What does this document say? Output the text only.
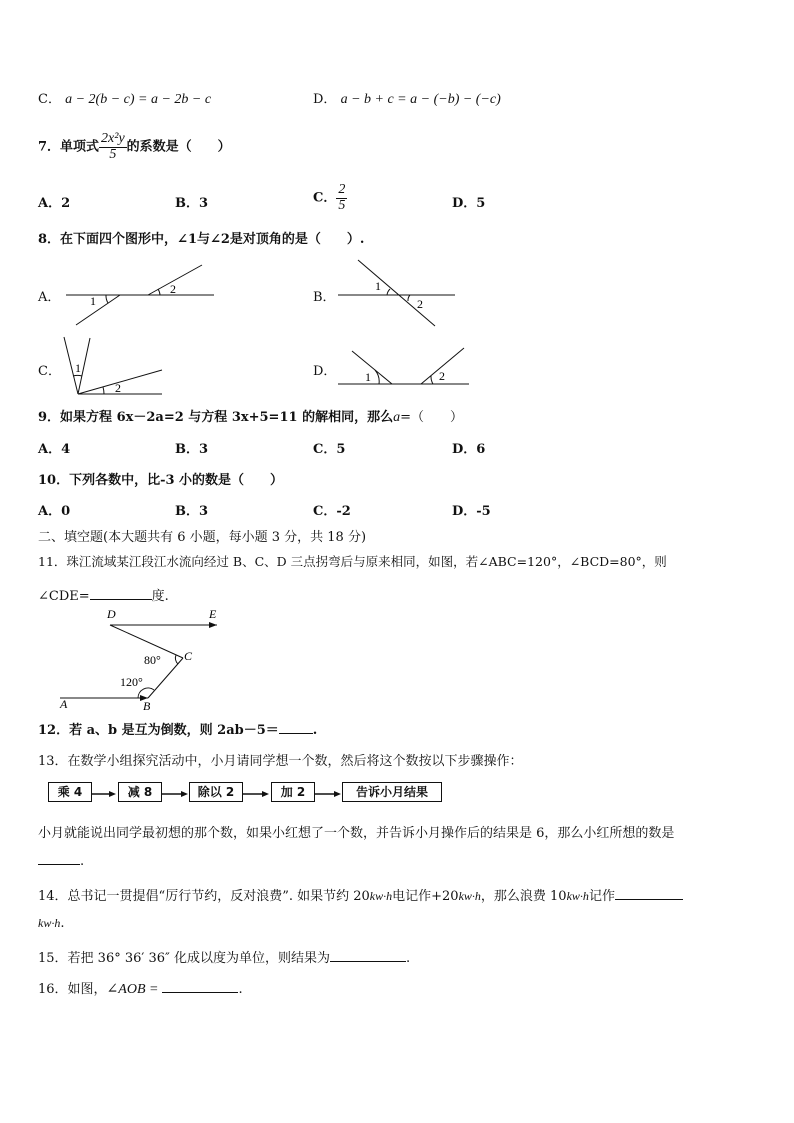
C． a − 2(b − c) = a − 2b − c	D． a − b + c = a − (−b) − (−c)
7．单项式 $\frac{\text{2x²y}}{5}$ 的系数是（　　）
A．2	B．3	C． $\frac{2}{5}$	D．5
8．在下面四个图形中，∠1与∠2是对顶角的是（　　）.
A．	B．
C．	D．
1
2	1
2
1
2
1	2
9．如果方程 6x－2a=2 与方程 3x+5=11 的解相同，那么a=（　　）
A．4	B．3	C．5	D．6
10．下列各数中，比-3 小的数是（　　）
A．0	B．3	C．-2	D．-5
二、填空题(本大题共有 6 小题，每小题 3 分，共 18 分)
11．珠江流域某江段江水流向经过 B、C、D 三点拐弯后与原来相同，如图，若∠ABC=120°，∠BCD=80°，则
∠CDE=	度.
D	E
C
A	B
80°
120°
12．若 a、b 是互为倒数，则 2ab－5＝	.
13．在数学小组探究活动中，小月请同学想一个数，然后将这个数按以下步骤操作：
乘 4	减 8	除以 2	加 2	告诉小月结果
小月就能说出同学最初想的那个数，如果小红想了一个数，并告诉小月操作后的结果是 6，那么小红所想的数是
.
14．总书记一贯提倡“厉行节约，反对浪费”. 如果节约 20kw·h电记作+20kw·h，那么浪费 10kw·h记作
kw·h.
15．若把 36° 36′ 36″ 化成以度为单位，则结果为	.
16．如图，∠AOB =	.
